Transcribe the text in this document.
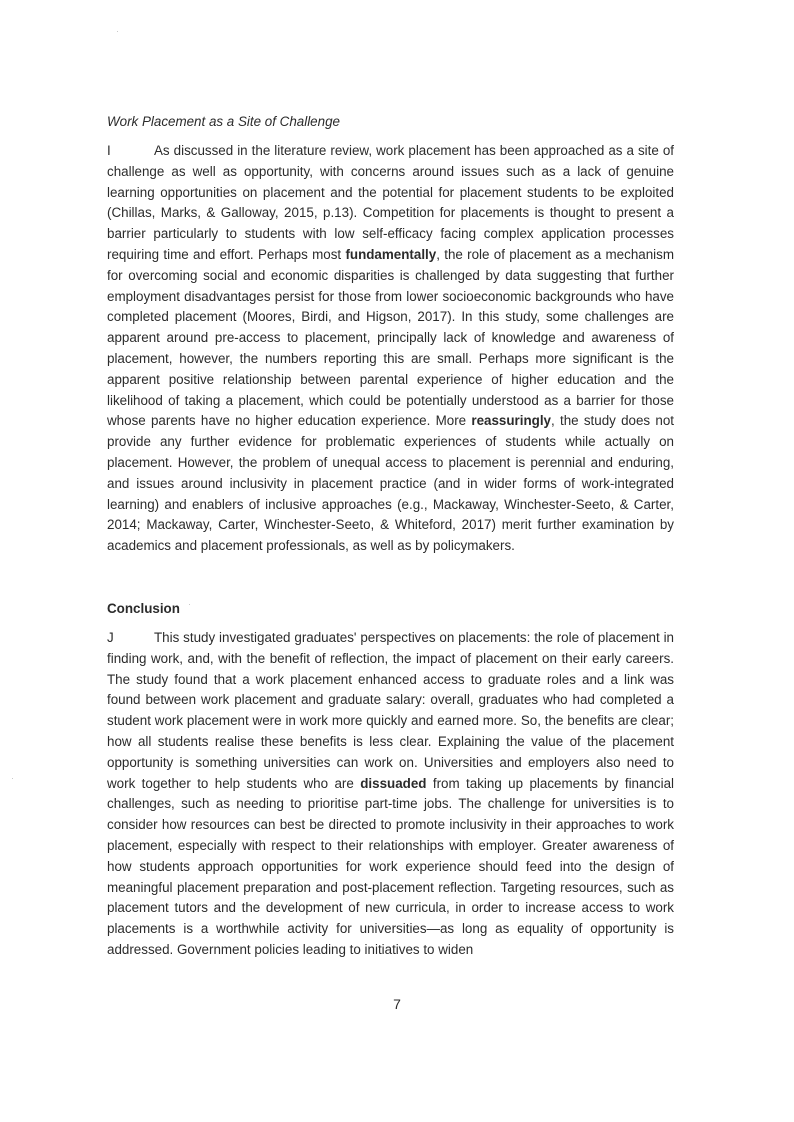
Work Placement as a Site of Challenge

I	As discussed in the literature review, work placement has been approached as a site of challenge as well as opportunity, with concerns around issues such as a lack of genuine learning opportunities on placement and the potential for placement students to be exploited (Chillas, Marks, & Galloway, 2015, p.13). Competition for placements is thought to present a barrier particularly to students with low self-efficacy facing complex application processes requiring time and effort. Perhaps most fundamentally, the role of placement as a mechanism for overcoming social and economic disparities is challenged by data suggesting that further employment disadvantages persist for those from lower socioeconomic backgrounds who have completed placement (Moores, Birdi, and Higson, 2017). In this study, some challenges are apparent around pre-access to placement, principally lack of knowledge and awareness of placement, however, the numbers reporting this are small. Perhaps more significant is the apparent positive relationship between parental experience of higher education and the likelihood of taking a placement, which could be potentially understood as a barrier for those whose parents have no higher education experience. More reassuringly, the study does not provide any further evidence for problematic experiences of students while actually on placement. However, the problem of unequal access to placement is perennial and enduring, and issues around inclusivity in placement practice (and in wider forms of work-integrated learning) and enablers of inclusive approaches (e.g., Mackaway, Winchester-Seeto, & Carter, 2014; Mackaway, Carter, Winchester-Seeto, & Whiteford, 2017) merit further examination by academics and placement professionals, as well as by policymakers.

Conclusion

J	This study investigated graduates' perspectives on placements: the role of placement in finding work, and, with the benefit of reflection, the impact of placement on their early careers. The study found that a work placement enhanced access to graduate roles and a link was found between work placement and graduate salary: overall, graduates who had completed a student work placement were in work more quickly and earned more. So, the benefits are clear; how all students realise these benefits is less clear. Explaining the value of the placement opportunity is something universities can work on. Universities and employers also need to work together to help students who are dissuaded from taking up placements by financial challenges, such as needing to prioritise part-time jobs. The challenge for universities is to consider how resources can best be directed to promote inclusivity in their approaches to work placement, especially with respect to their relationships with employer. Greater awareness of how students approach opportunities for work experience should feed into the design of meaningful placement preparation and post-placement reflection. Targeting resources, such as placement tutors and the development of new curricula, in order to increase access to work placements is a worthwhile activity for universities—as long as equality of opportunity is addressed. Government policies leading to initiatives to widen

7
